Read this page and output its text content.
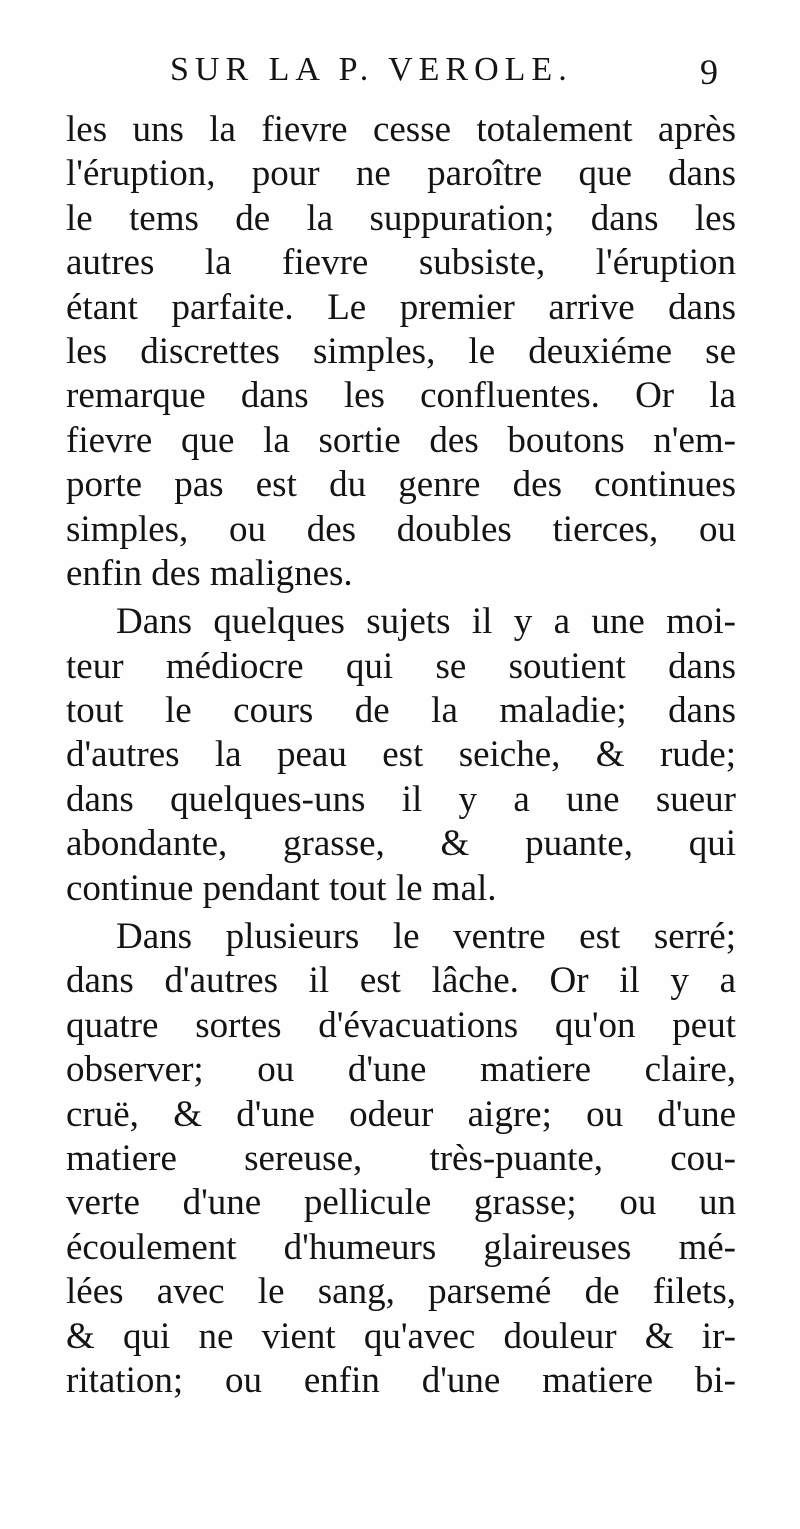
SUR LA P. VEROLE.	9
les uns la fievre cesse totalement après
l'éruption, pour ne paroître que dans
le tems de la suppuration; dans les
autres la fievre subsiste, l'éruption
étant parfaite. Le premier arrive dans
les discrettes simples, le deuxiéme se
remarque dans les confluentes. Or la
fievre que la sortie des boutons n'em-
porte pas est du genre des continues
simples, ou des doubles tierces, ou
enfin des malignes.
Dans quelques sujets il y a une moi-
teur médiocre qui se soutient dans
tout le cours de la maladie; dans
d'autres la peau est seiche, & rude;
dans quelques-uns il y a une sueur
abondante, grasse, & puante, qui
continue pendant tout le mal.
Dans plusieurs le ventre est serré;
dans d'autres il est lâche. Or il y a
quatre sortes d'évacuations qu'on peut
observer; ou d'une matiere claire,
cruë, & d'une odeur aigre; ou d'une
matiere sereuse, très-puante, cou-
verte d'une pellicule grasse; ou un
écoulement d'humeurs glaireuses mé-
lées avec le sang, parsemé de filets,
& qui ne vient qu'avec douleur & ir-
ritation; ou enfin d'une matiere bi-
